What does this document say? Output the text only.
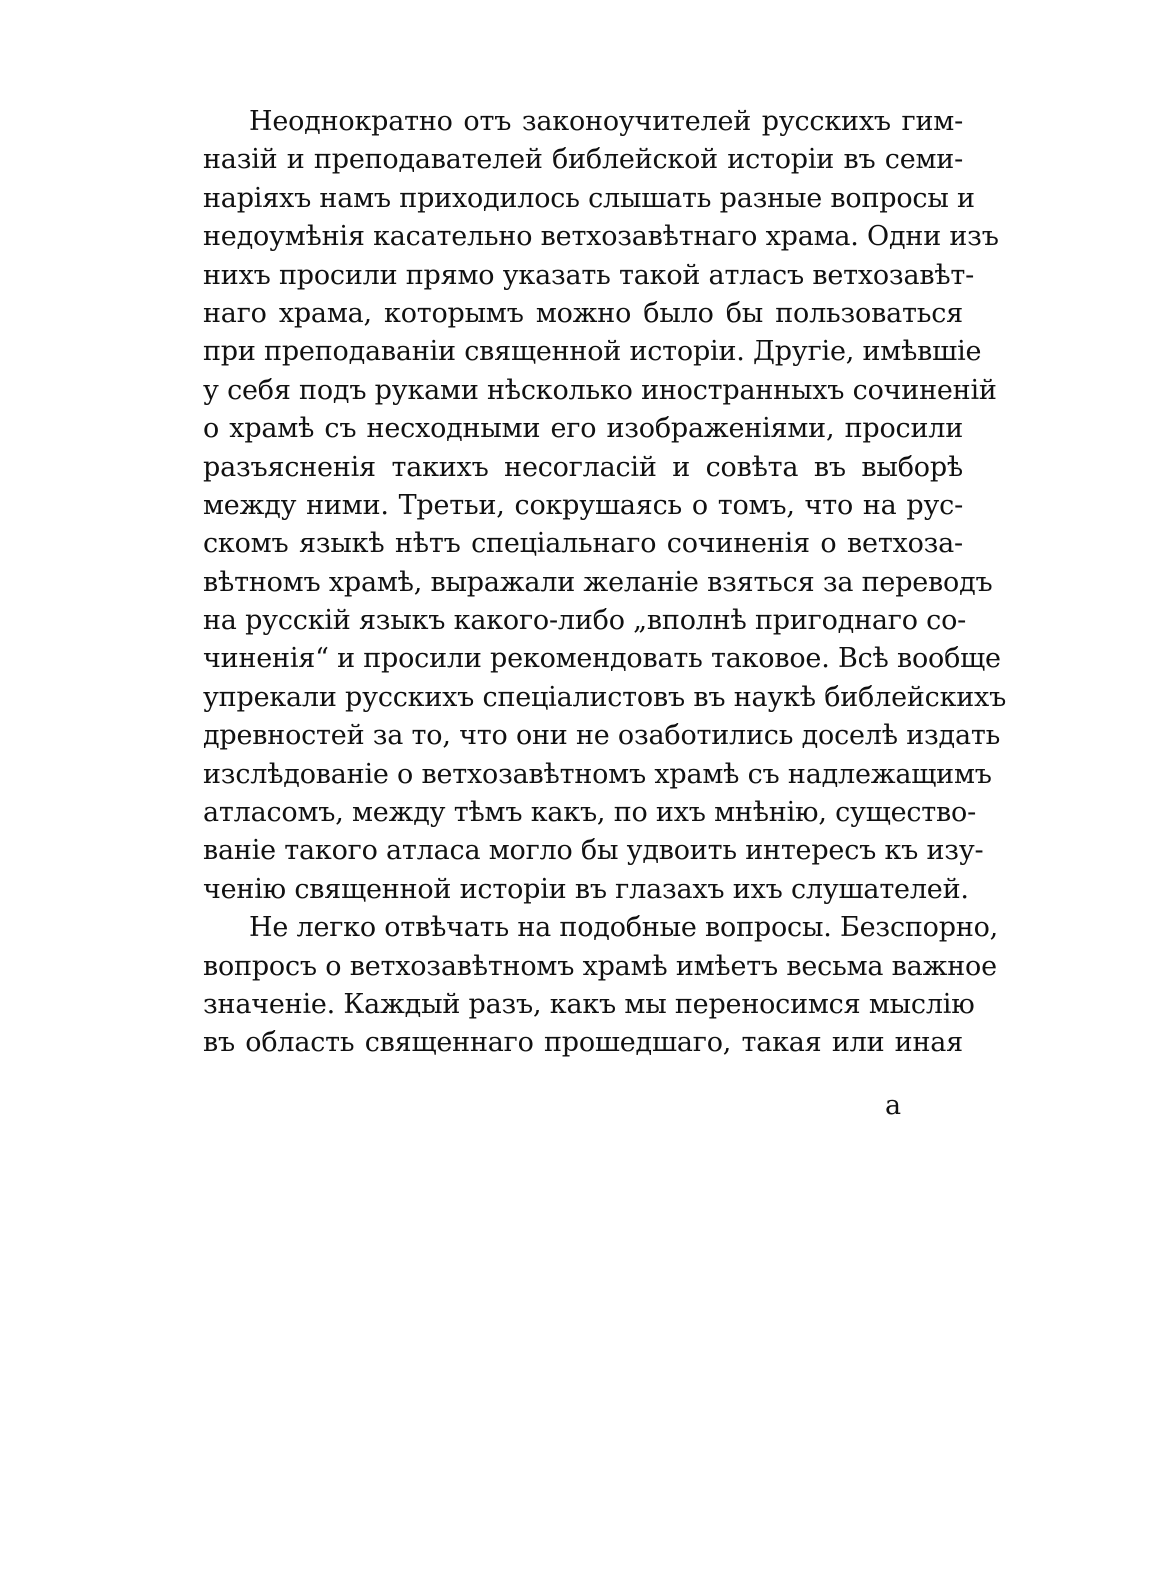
Неоднократно отъ законоучителей русскихъ гим-
назій и преподавателей библейской исторіи въ семи-
наріяхъ намъ приходилось слышать разные вопросы и
недоумѣнія касательно ветхозавѣтнаго храма. Одни изъ
нихъ просили прямо указать такой атласъ ветхозавѣт-
наго храма, которымъ можно было бы пользоваться
при преподаваніи священной исторіи. Другіе, имѣвшіе
у себя подъ руками нѣсколько иностранныхъ сочиненій
о храмѣ съ несходными его изображеніями, просили
разъясненія такихъ несогласій и совѣта въ выборѣ
между ними. Третьи, сокрушаясь о томъ, что на рус-
скомъ языкѣ нѣтъ спеціальнаго сочиненія о ветхоза-
вѣтномъ храмѣ, выражали желаніе взяться за переводъ
на русскій языкъ какого-либо „вполнѣ пригоднаго со-
чиненія“ и просили рекомендовать таковое. Всѣ вообще
упрекали русскихъ спеціалистовъ въ наукѣ библейскихъ
древностей за то, что они не озаботились доселѣ издать
изслѣдованіе о ветхозавѣтномъ храмѣ съ надлежащимъ
атласомъ, между тѣмъ какъ, по ихъ мнѣнію, существо-
ваніе такого атласа могло бы удвоить интересъ къ изу-
ченію священной исторіи въ глазахъ ихъ слушателей.
Не легко отвѣчать на подобные вопросы. Безспорно,
вопросъ о ветхозавѣтномъ храмѣ имѣетъ весьма важное
значеніе. Каждый разъ, какъ мы переносимся мыслію
въ область священнаго прошедшаго, такая или иная
а
